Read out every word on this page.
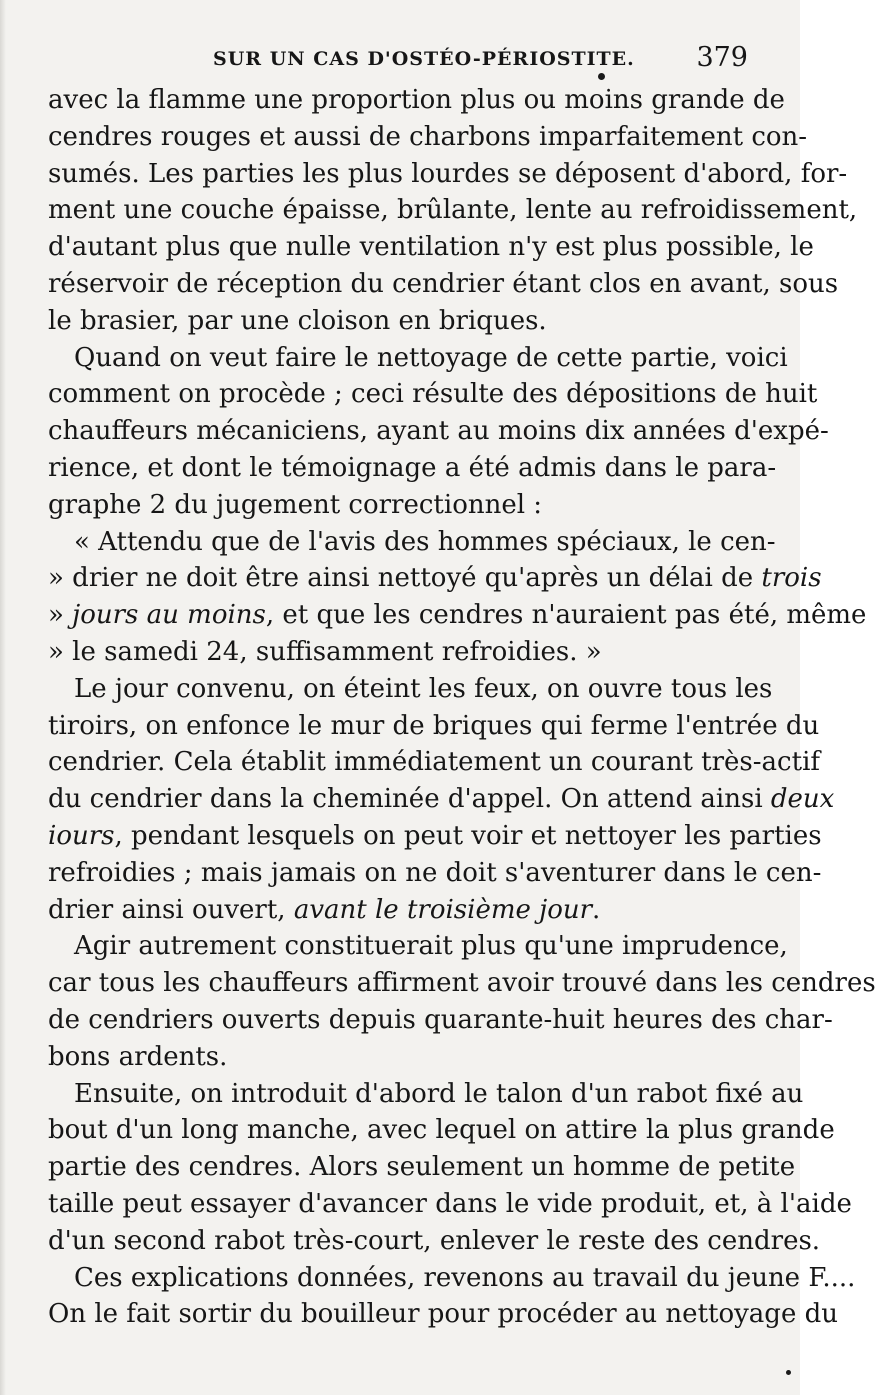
SUR UN CAS D'OSTÉO-PÉRIOSTITE. 379
avec la flamme une proportion plus ou moins grande de
cendres rouges et aussi de charbons imparfaitement con-
sumés. Les parties les plus lourdes se déposent d'abord, for-
ment une couche épaisse, brûlante, lente au refroidissement,
d'autant plus que nulle ventilation n'y est plus possible, le
réservoir de réception du cendrier étant clos en avant, sous
le brasier, par une cloison en briques.
Quand on veut faire le nettoyage de cette partie, voici
comment on procède ; ceci résulte des dépositions de huit
chauffeurs mécaniciens, ayant au moins dix années d'expé-
rience, et dont le témoignage a été admis dans le para-
graphe 2 du jugement correctionnel :
« Attendu que de l'avis des hommes spéciaux, le cen-
» drier ne doit être ainsi nettoyé qu'après un délai de trois
» jours au moins, et que les cendres n'auraient pas été, même
» le samedi 24, suffisamment refroidies. »
Le jour convenu, on éteint les feux, on ouvre tous les
tiroirs, on enfonce le mur de briques qui ferme l'entrée du
cendrier. Cela établit immédiatement un courant très-actif
du cendrier dans la cheminée d'appel. On attend ainsi deux
iours, pendant lesquels on peut voir et nettoyer les parties
refroidies ; mais jamais on ne doit s'aventurer dans le cen-
drier ainsi ouvert, avant le troisième jour.
Agir autrement constituerait plus qu'une imprudence,
car tous les chauffeurs affirment avoir trouvé dans les cendres
de cendriers ouverts depuis quarante-huit heures des char-
bons ardents.
Ensuite, on introduit d'abord le talon d'un rabot fixé au
bout d'un long manche, avec lequel on attire la plus grande
partie des cendres. Alors seulement un homme de petite
taille peut essayer d'avancer dans le vide produit, et, à l'aide
d'un second rabot très-court, enlever le reste des cendres.
Ces explications données, revenons au travail du jeune F....
On le fait sortir du bouilleur pour procéder au nettoyage du
